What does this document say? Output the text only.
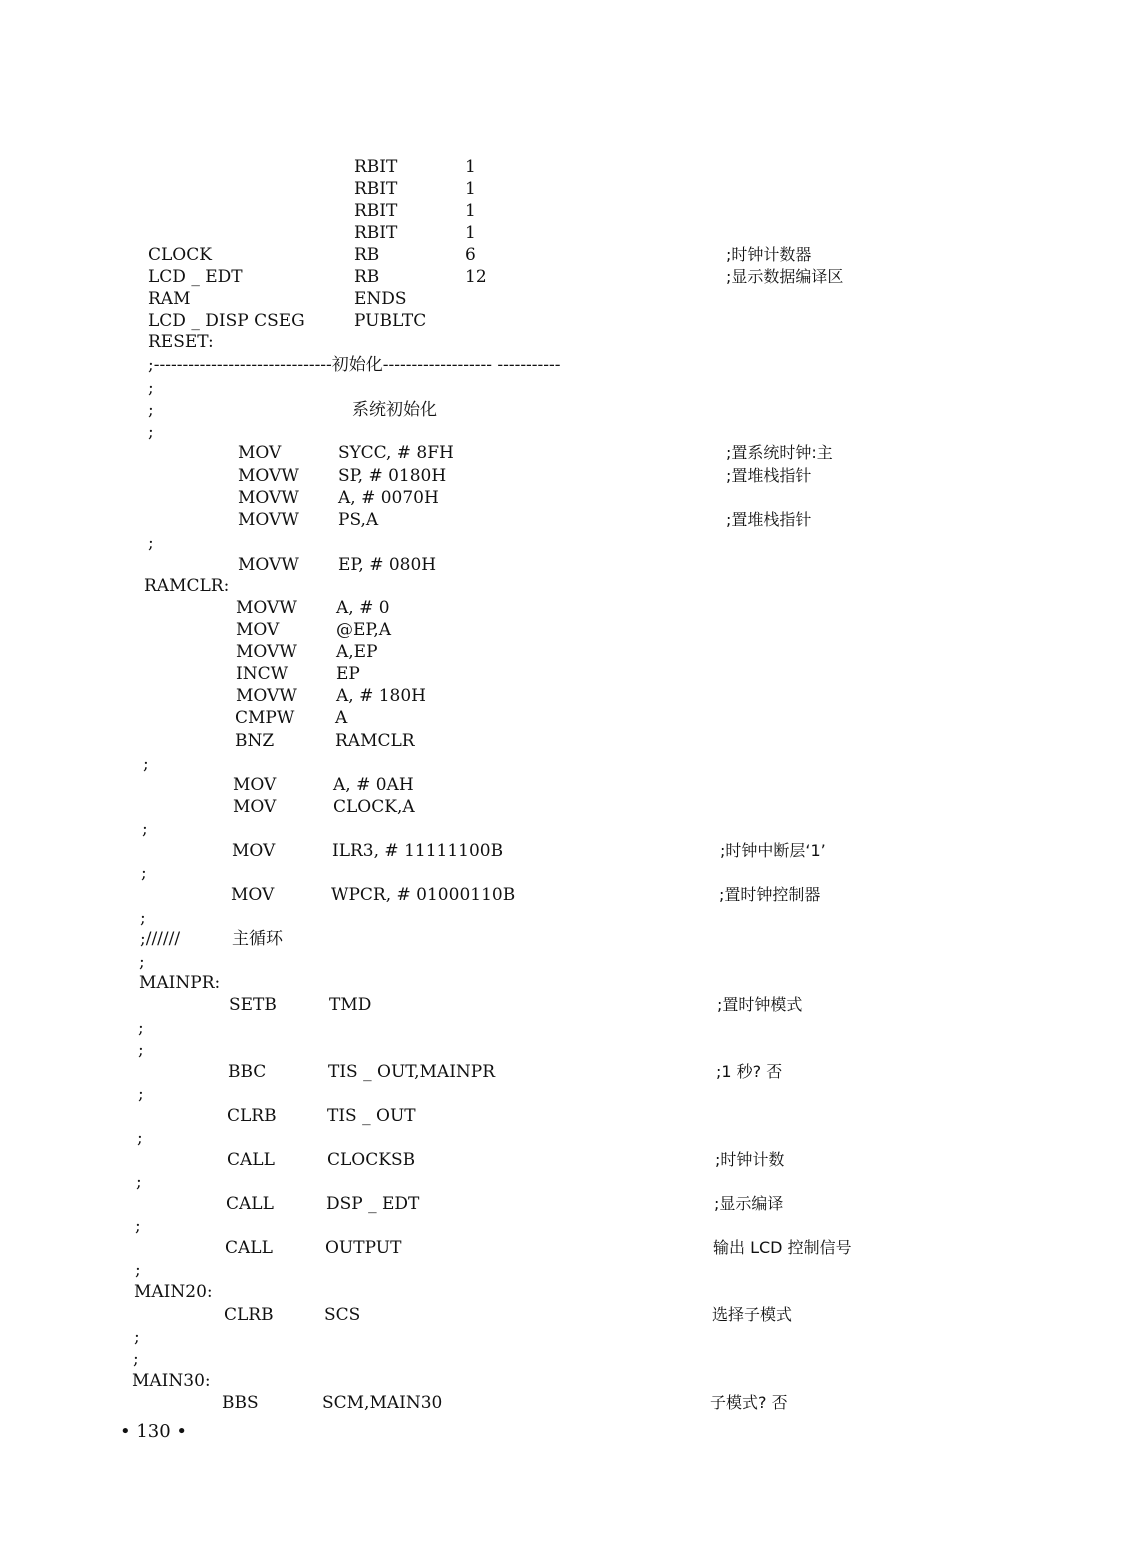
RBIT	1
RBIT	1
RBIT	1
RBIT	1
CLOCK	RB	6	;时钟计数器
LCD _ EDT	RB	12	;显示数据编译区
RAM	ENDS
LCD _ DISP CSEG	PUBLTC
RESET:
;-------------------------------初始化------------------- -----------
;
;	系统初始化
;
MOV	SYCC, # 8FH	;置系统时钟:主
MOVW SP, # 0180H	;置堆栈指针
MOVW A, # 0070H
MOVW PS,A	;置堆栈指针
;
MOVW EP, # 080H
RAMCLR:
MOVW A, # 0
MOV	@EP,A
MOVW A,EP
INCW	EP
MOVW A, # 180H
CMPW A
BNZ	RAMCLR
;
MOV	A, # 0AH
MOV	CLOCK,A
;
MOV	ILR3, # 11111100B	;时钟中断层‘1’
;
MOV	WPCR, # 01000110B	;置时钟控制器
;
;//////	主循环
;
MAINPR:
SETB	TMD	;置时钟模式
;
;
BBC	TIS _ OUT,MAINPR	;1 秒? 否
;
CLRB	TIS _ OUT
;
CALL	CLOCKSB	;时钟计数
;
CALL	DSP _ EDT	;显示编译
;
CALL	OUTPUT	输出 LCD 控制信号
;
MAIN20:
CLRB	SCS	选择子模式
;
;
MAIN30:
BBS	SCM,MAIN30	子模式? 否
• 130 •
